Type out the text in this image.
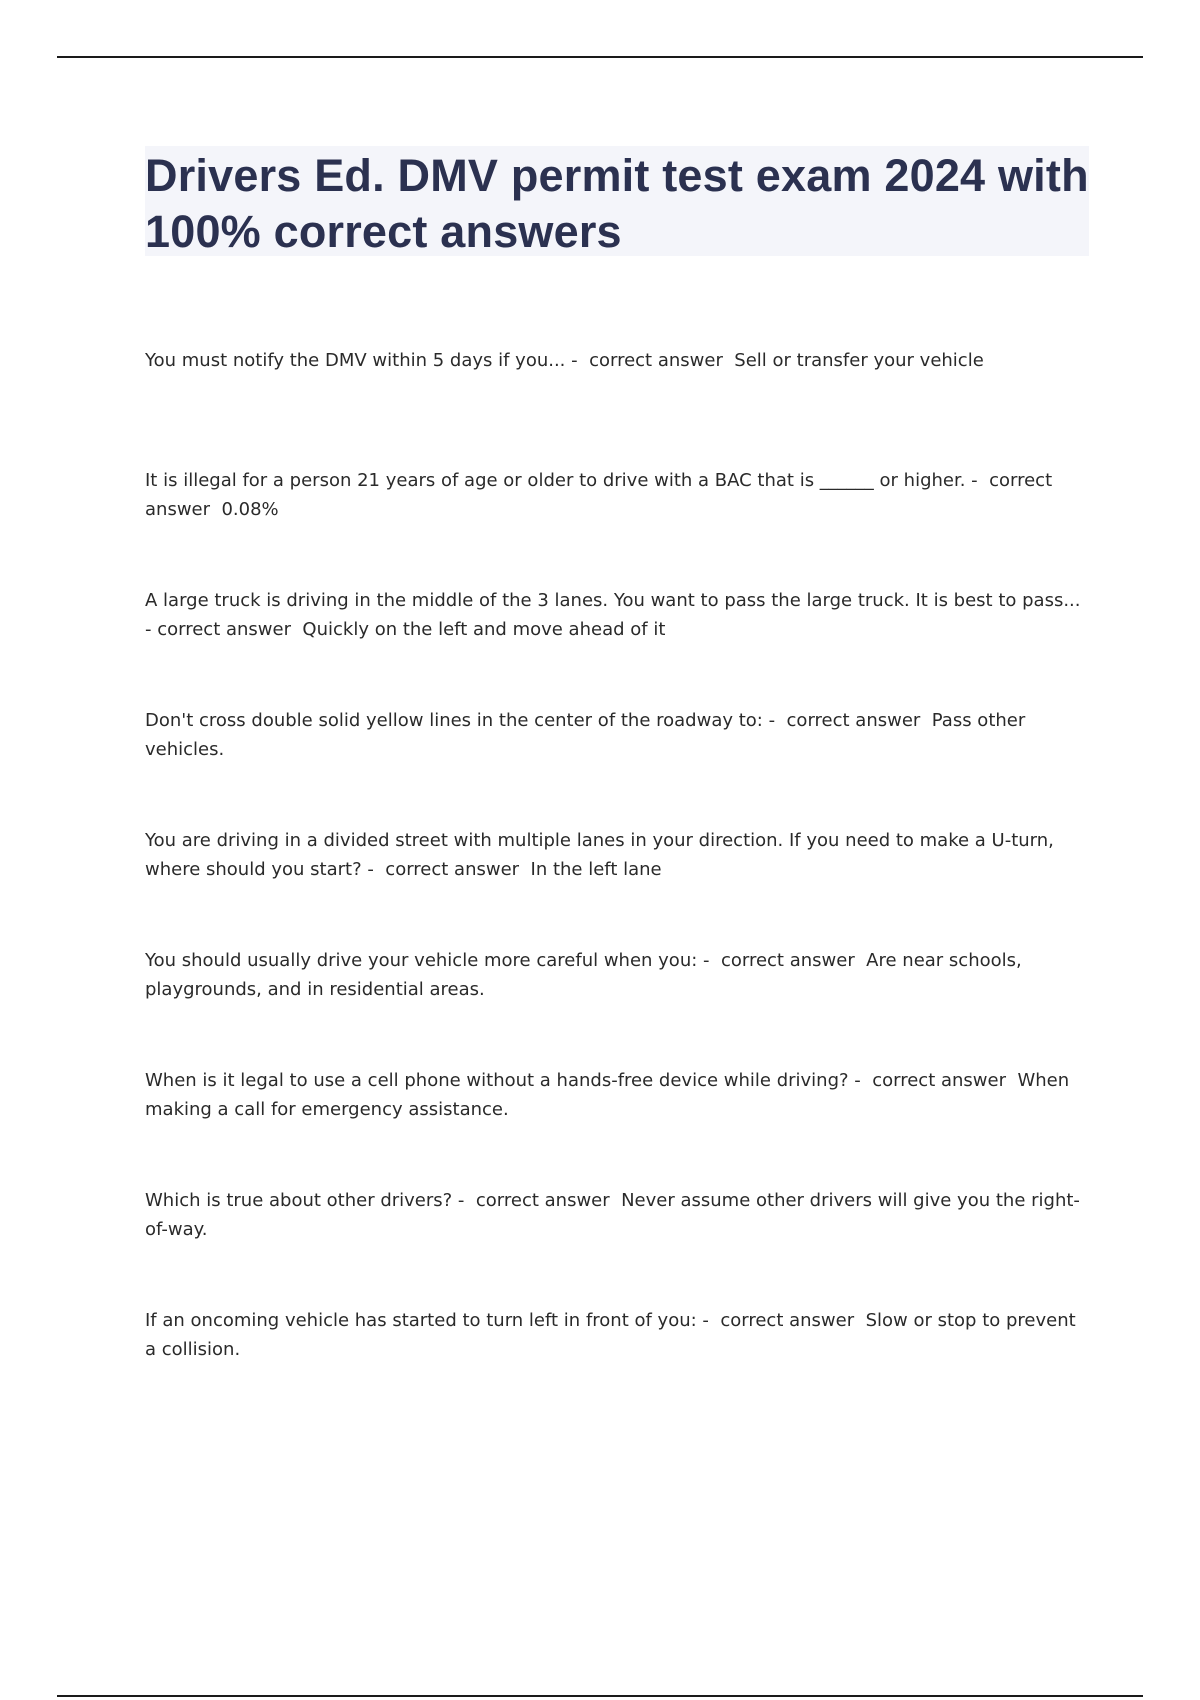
Drivers Ed. DMV permit test exam 2024 with 100% correct answers
You must notify the DMV within 5 days if you... -  correct answer  Sell or transfer your vehicle
It is illegal for a person 21 years of age or older to drive with a BAC that is ______ or higher. -  correct answer  0.08%
A large truck is driving in the middle of the 3 lanes. You want to pass the large truck. It is best to pass... - correct answer  Quickly on the left and move ahead of it
Don't cross double solid yellow lines in the center of the roadway to: -  correct answer  Pass other vehicles.
You are driving in a divided street with multiple lanes in your direction. If you need to make a U-turn, where should you start? -  correct answer  In the left lane
You should usually drive your vehicle more careful when you: -  correct answer  Are near schools, playgrounds, and in residential areas.
When is it legal to use a cell phone without a hands-free device while driving? -  correct answer  When making a call for emergency assistance.
Which is true about other drivers? -  correct answer  Never assume other drivers will give you the right-of-way.
If an oncoming vehicle has started to turn left in front of you: -  correct answer  Slow or stop to prevent a collision.
